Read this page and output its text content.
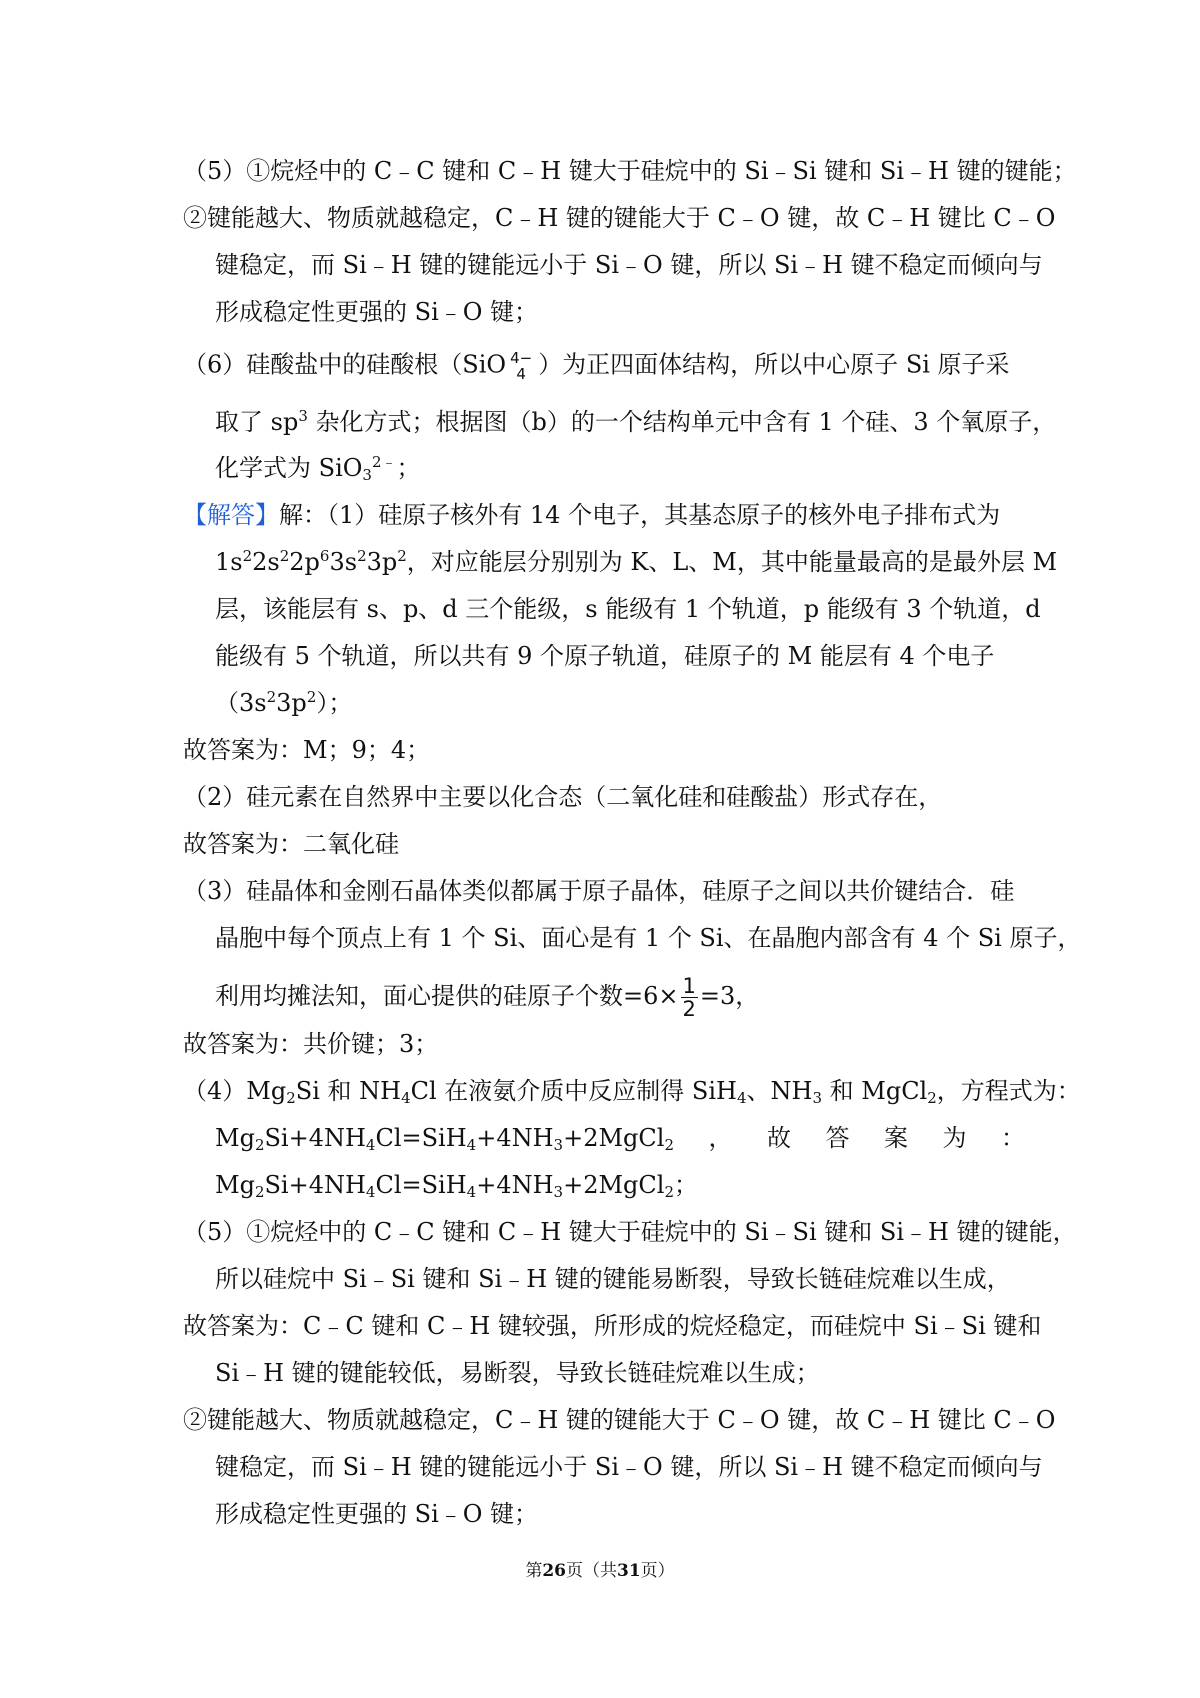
（5）①烷烃中的 C﹣C 键和 C﹣H 键大于硅烷中的 Si﹣Si 键和 Si﹣H 键的键能；
②键能越大、物质就越稳定，C﹣H 键的键能大于 C﹣O 键，故 C﹣H 键比 C﹣O
键稳定，而 Si﹣H 键的键能远小于 Si﹣O 键，所以 Si﹣H 键不稳定而倾向与
形成稳定性更强的 Si﹣O 键；
（6）硅酸盐中的硅酸根（SiO 4−
4 ）为正四面体结构，所以中心原子 Si 原子采
取了 $sp^3$ 杂化方式；根据图（b）的一个结构单元中含有 1 个硅、3 个氧原子，
化学式为 SiO$_3^{2﹣}$；
【解答】解：（1）硅原子核外有 14 个电子，其基态原子的核外电子排布式为
$1s^22s^22p^63s^23p^2$，对应能层分别别为 K、L、M，其中能量最高的是最外层 M
层，该能层有 s、p、d 三个能级，s 能级有 1 个轨道，p 能级有 3 个轨道，d
能级有 5 个轨道，所以共有 9 个原子轨道，硅原子的 M 能层有 4 个电子
$(3s^23p^2)$；
故答案为：M；9；4；
（2）硅元素在自然界中主要以化合态（二氧化硅和硅酸盐）形式存在，
故答案为：二氧化硅
（3）硅晶体和金刚石晶体类似都属于原子晶体，硅原子之间以共价键结合．硅
晶胞中每个顶点上有 1 个 Si、面心是有 1 个 Si、在晶胞内部含有 4 个 Si 原子，
利用均摊法知，面心提供的硅原子个数$=6\times \frac{1}{2} =3$，
故答案为：共价键；3；
$(4)Mg_2Si$ 和 $NH_4Cl$ 在液氨介质中反应制得 SiH$_4$、$NH_3$ 和 MgCl$_2$，方程式为：
$Mg_2Si+4NH_4Cl=SiH_4+4NH_3+2MgCl_2$ ， 故 答 案 为 ：
$Mg_2Si+4NH_4Cl=SiH_4+4NH_3+2MgCl_2$；
（5）①烷烃中的 C﹣C 键和 C﹣H 键大于硅烷中的 Si﹣Si 键和 Si﹣H 键的键能，
所以硅烷中 Si﹣Si 键和 Si﹣H 键的键能易断裂，导致长链硅烷难以生成，
故答案为：C﹣C 键和 C﹣H 键较强，所形成的烷烃稳定，而硅烷中 Si﹣Si 键和
Si﹣H 键的键能较低，易断裂，导致长链硅烷难以生成；
②键能越大、物质就越稳定，C﹣H 键的键能大于 C﹣O 键，故 C﹣H 键比 C﹣O
键稳定，而 Si﹣H 键的键能远小于 Si﹣O 键，所以 Si﹣H 键不稳定而倾向与
形成稳定性更强的 Si﹣O 键；
第26页（共31页）
